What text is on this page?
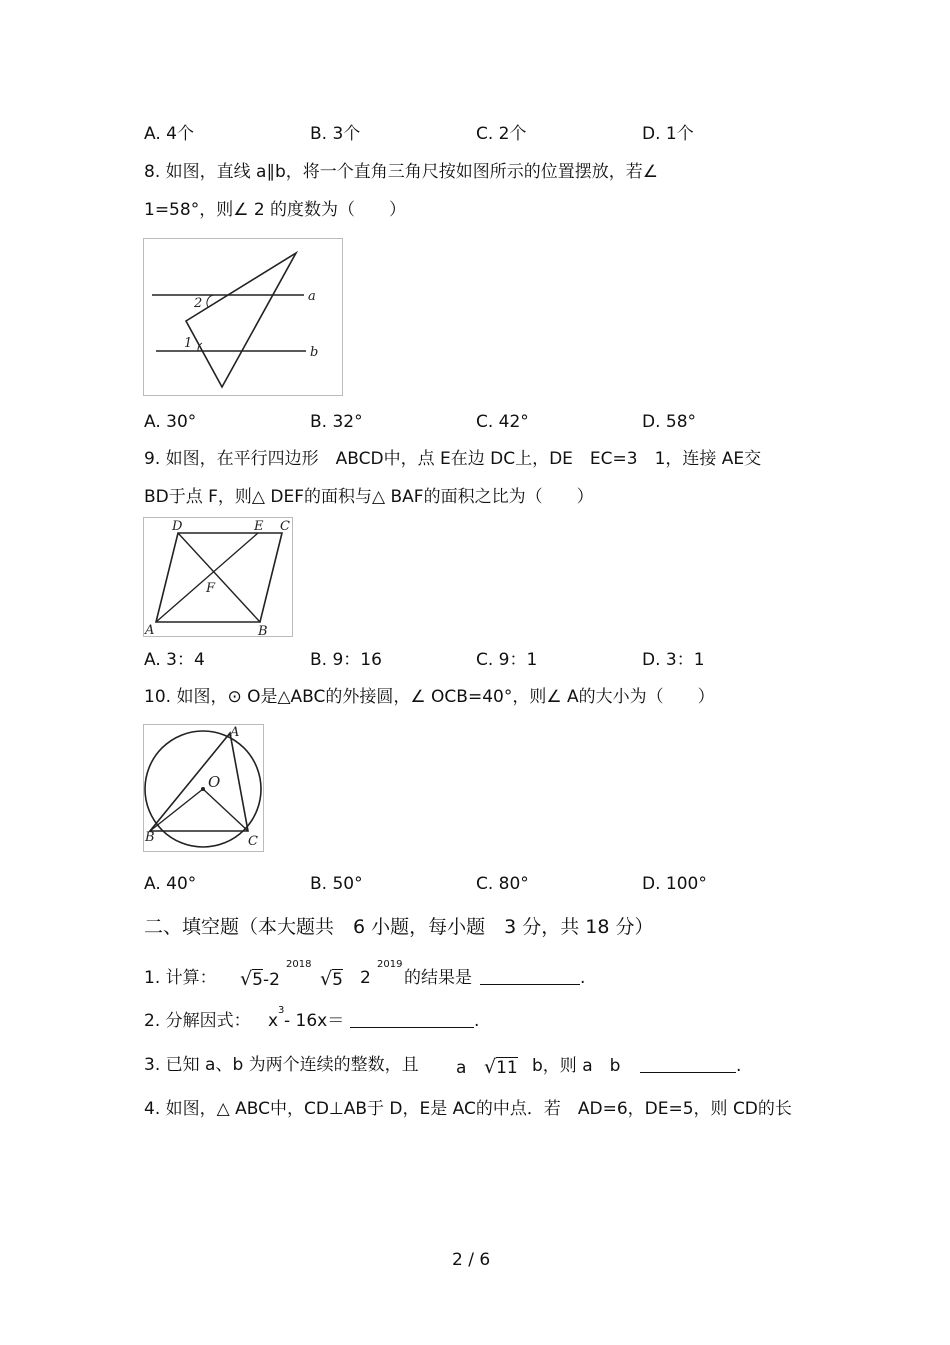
A. 4个	B. 3个	C. 2个	D. 1个
8. 如图，直线 a∥b，将一个直角三角尺按如图所示的位置摆放，若∠
1=58°，则∠ 2 的度数为（　　）
a
b
1
2
A. 30°	B. 32°	C. 42°	D. 58°
9. 如图，在平行四边形　ABCD中，点 E在边 DC上，DE　EC=3　1，连接 AE交
BD于点 F，则△ DEF的面积与△ BAF的面积之比为（　　）
D	E C
A	B
F
A. 3：4	B. 9：16	C. 9：1	D. 3：1
10. 如图，⊙ O是△ABC的外接圆，∠ OCB=40°，则∠ A的大小为（　　）
A
B	C
O
A. 40°	B. 50°	C. 80°	D. 100°
二、填空题（本大题共　6 小题，每小题　3 分，共 18 分）
1. 计算： √5-2
2018
√5 2
2019
的结果是	.
2. 分解因式： x
3
- 16x＝	.
3. 已知 a、b 为两个连续的整数，且 a √11 b，则 a　b	.
4. 如图，△ ABC中，CD⊥AB于 D，E是 AC的中点．若　AD=6，DE=5，则 CD的长
2 / 6
